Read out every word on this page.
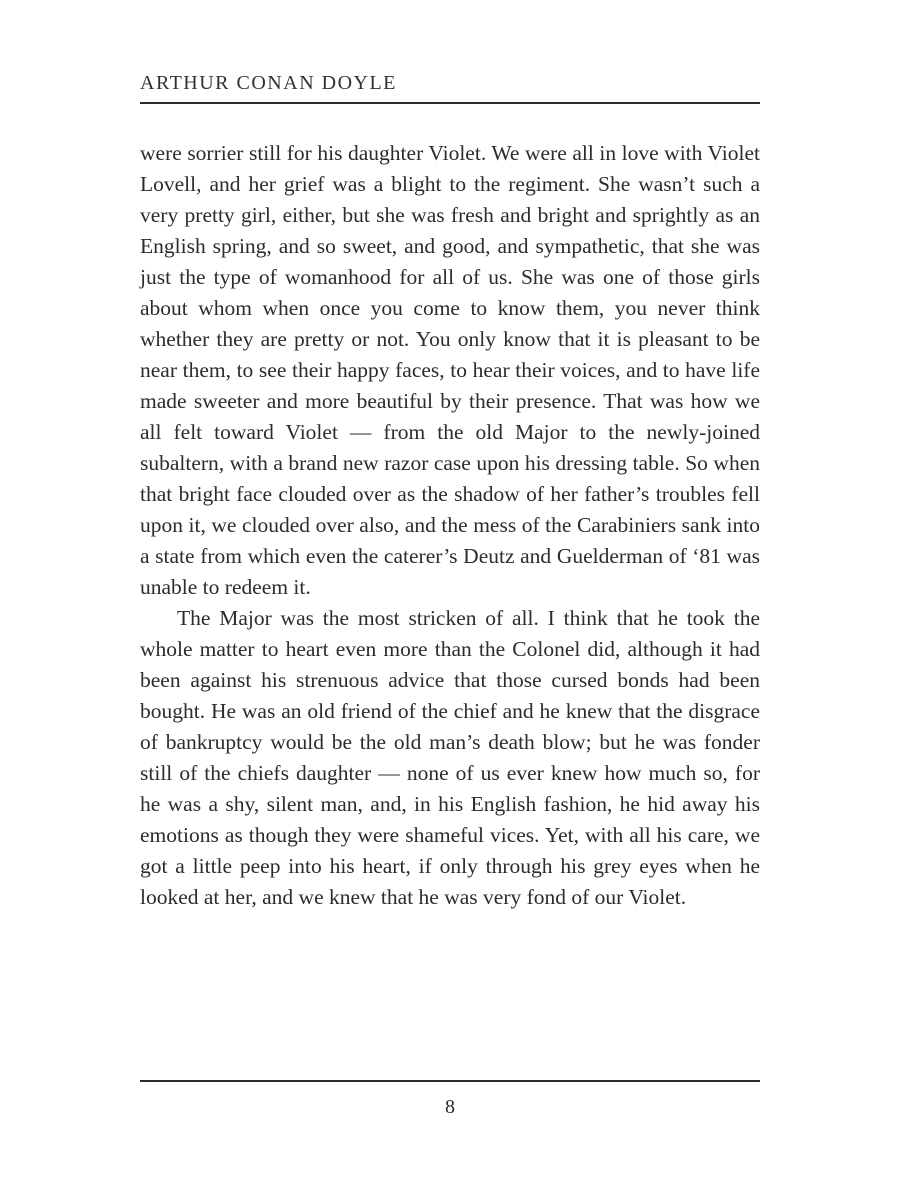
ARTHUR CONAN DOYLE

were sorrier still for his daughter Violet. We were all in love with Violet Lovell, and her grief was a blight to the regiment. She wasn’t such a very pretty girl, either, but she was fresh and bright and sprightly as an English spring, and so sweet, and good, and sympathetic, that she was just the type of womanhood for all of us. She was one of those girls about whom when once you come to know them, you never think whether they are pretty or not. You only know that it is pleasant to be near them, to see their happy faces, to hear their voices, and to have life made sweeter and more beautiful by their presence. That was how we all felt toward Violet — from the old Major to the newly-joined subaltern, with a brand new razor case upon his dressing table. So when that bright face clouded over as the shadow of her father’s troubles fell upon it, we clouded over also, and the mess of the Carabiniers sank into a state from which even the caterer’s Deutz and Guelderman of ‘81 was unable to redeem it.

The Major was the most stricken of all. I think that he took the whole matter to heart even more than the Colonel did, although it had been against his strenuous advice that those cursed bonds had been bought. He was an old friend of the chief and he knew that the disgrace of bankruptcy would be the old man’s death blow; but he was fonder still of the chiefs daughter — none of us ever knew how much so, for he was a shy, silent man, and, in his English fashion, he hid away his emotions as though they were shameful vices. Yet, with all his care, we got a little peep into his heart, if only through his grey eyes when he looked at her, and we knew that he was very fond of our Violet.

8
